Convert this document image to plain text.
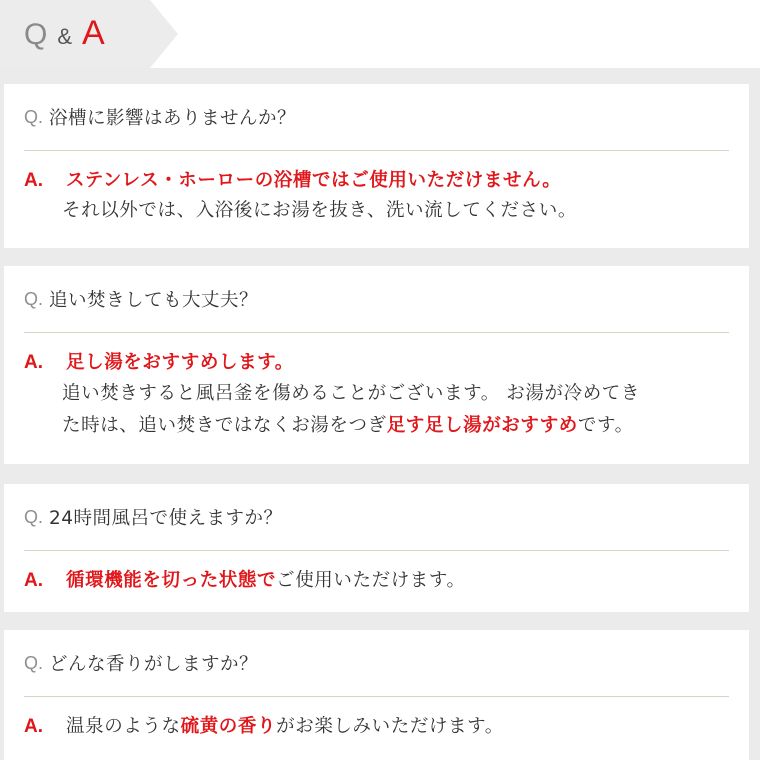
Q & A
Q. 浴槽に影響はありませんか？
A.	ステンレス・ホーローの浴槽ではご使用いただけません。
それ以外では、入浴後にお湯を抜き、洗い流してください。
Q. 追い焚きしても大丈夫？
A.	足し湯をおすすめします。
追い焚きすると風呂釜を傷めることがございます。 お湯が冷めてき
た時は、追い焚きではなくお湯をつぎ足す足し湯がおすすめです。
Q. 24時間風呂で使えますか？
A.	循環機能を切った状態でご使用いただけます。
Q. どんな香りがしますか？
A.	温泉のような硫黄の香りがお楽しみいただけます。
